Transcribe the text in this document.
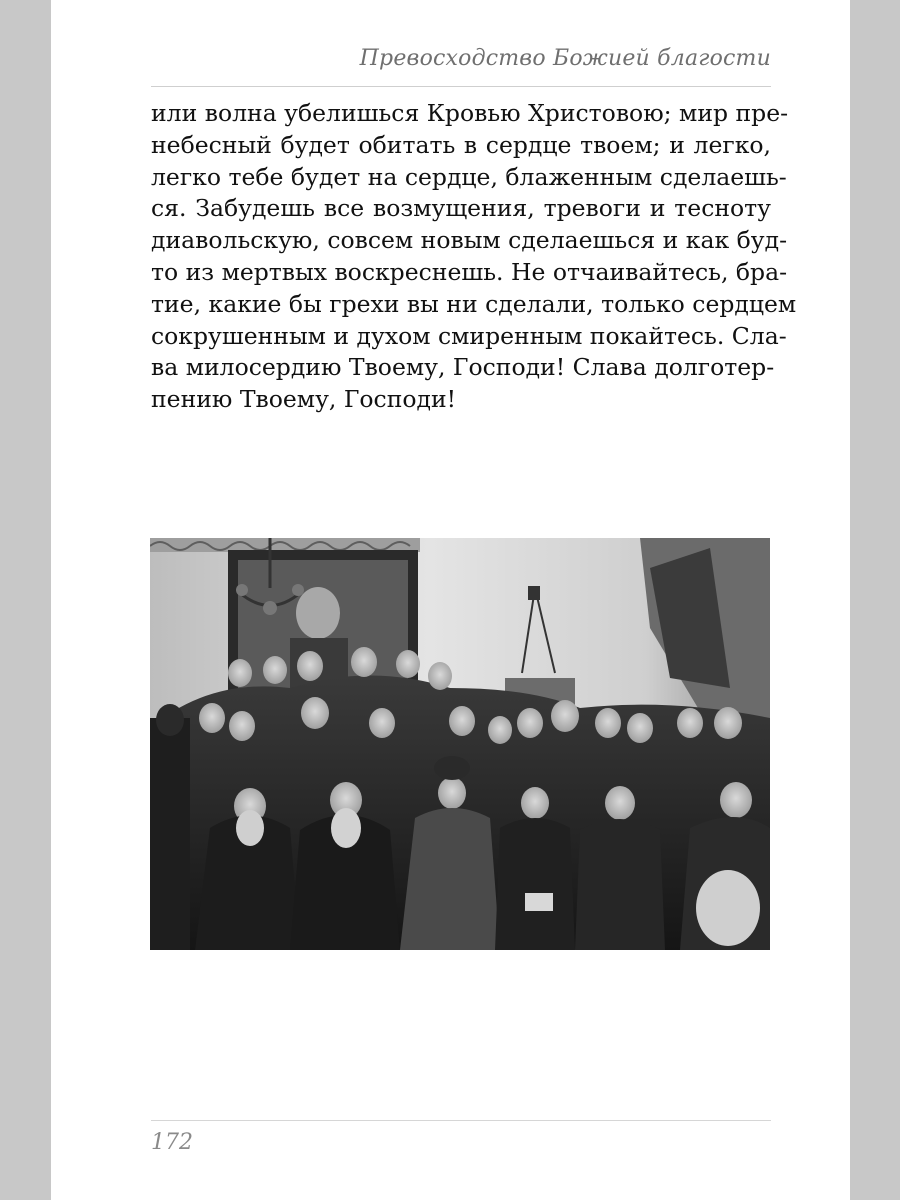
Превосходство Божией благости
или волна убелишься Кровью Христовою; мир пре-
небесный будет обитать в сердце твоем; и легко,
легко тебе будет на сердце, блаженным сделаешь-
ся. Забудешь все возмущения, тревоги и тесноту
диавольскую, совсем новым сделаешься и как буд-
то из мертвых воскреснешь. Не отчаивайтесь, бра-
тие, какие бы грехи вы ни сделали, только сердцем
сокрушенным и духом смиренным покайтесь. Сла-
ва милосердию Твоему, Господи! Слава долготер-
пению Твоему, Господи!
172
